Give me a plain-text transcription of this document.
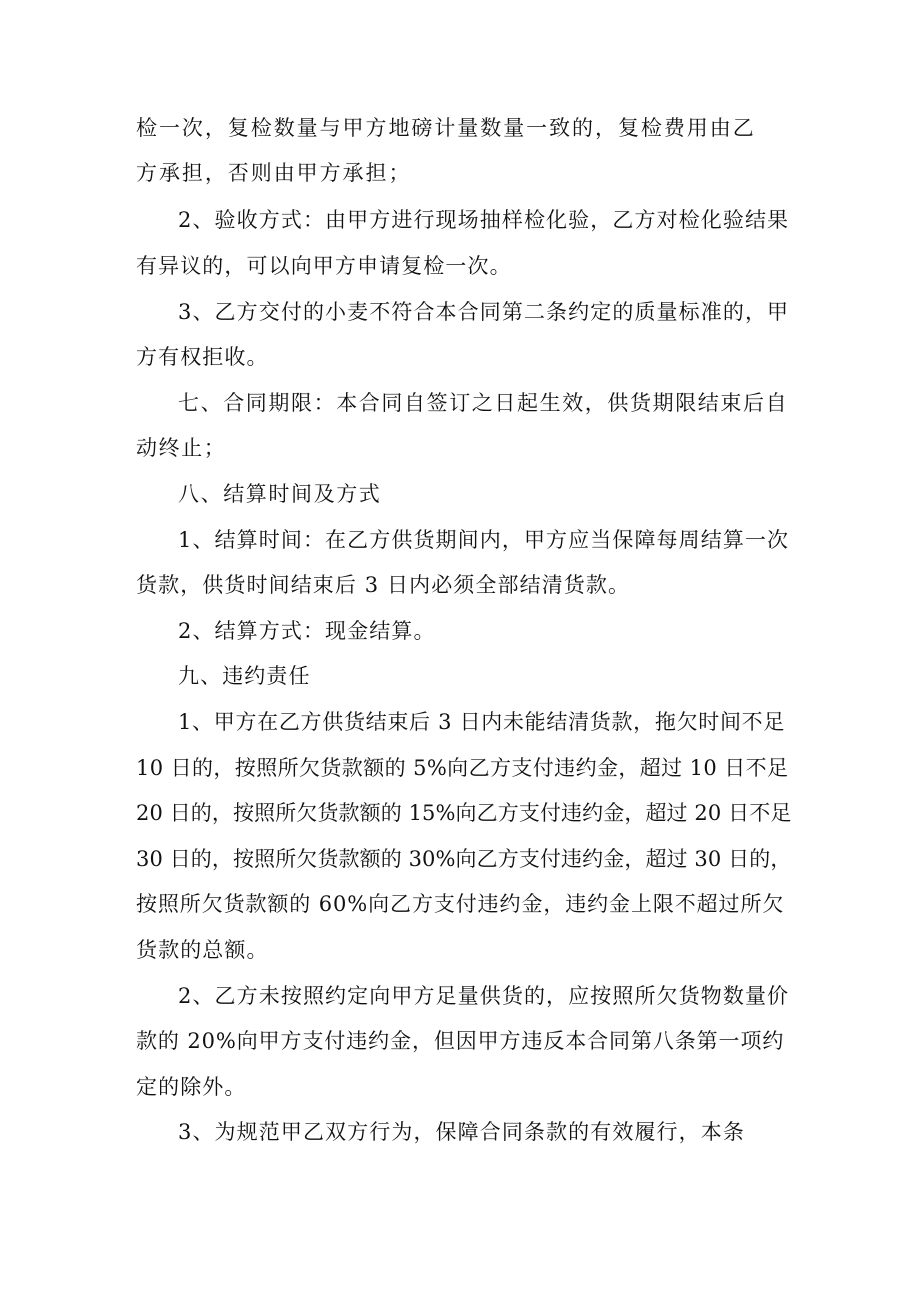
检一次，复检数量与甲方地磅计量数量一致的，复检费用由乙

方承担，否则由甲方承担；

2、验收方式：由甲方进行现场抽样检化验，乙方对检化验结果

有异议的，可以向甲方申请复检一次。

3、乙方交付的小麦不符合本合同第二条约定的质量标准的，甲

方有权拒收。

七、合同期限：本合同自签订之日起生效，供货期限结束后自

动终止；

八、结算时间及方式

1、结算时间：在乙方供货期间内，甲方应当保障每周结算一次

货款，供货时间结束后 3 日内必须全部结清货款。

2、结算方式：现金结算。

九、违约责任

1、甲方在乙方供货结束后 3 日内未能结清货款，拖欠时间不足

10 日的，按照所欠货款额的 5%向乙方支付违约金，超过 10 日不足

20 日的，按照所欠货款额的 15%向乙方支付违约金，超过 20 日不足

30 日的，按照所欠货款额的 30%向乙方支付违约金，超过 30 日的，

按照所欠货款额的 60%向乙方支付违约金，违约金上限不超过所欠

货款的总额。

2、乙方未按照约定向甲方足量供货的，应按照所欠货物数量价

款的 20%向甲方支付违约金，但因甲方违反本合同第八条第一项约

定的除外。

3、为规范甲乙双方行为，保障合同条款的有效履行，本条
